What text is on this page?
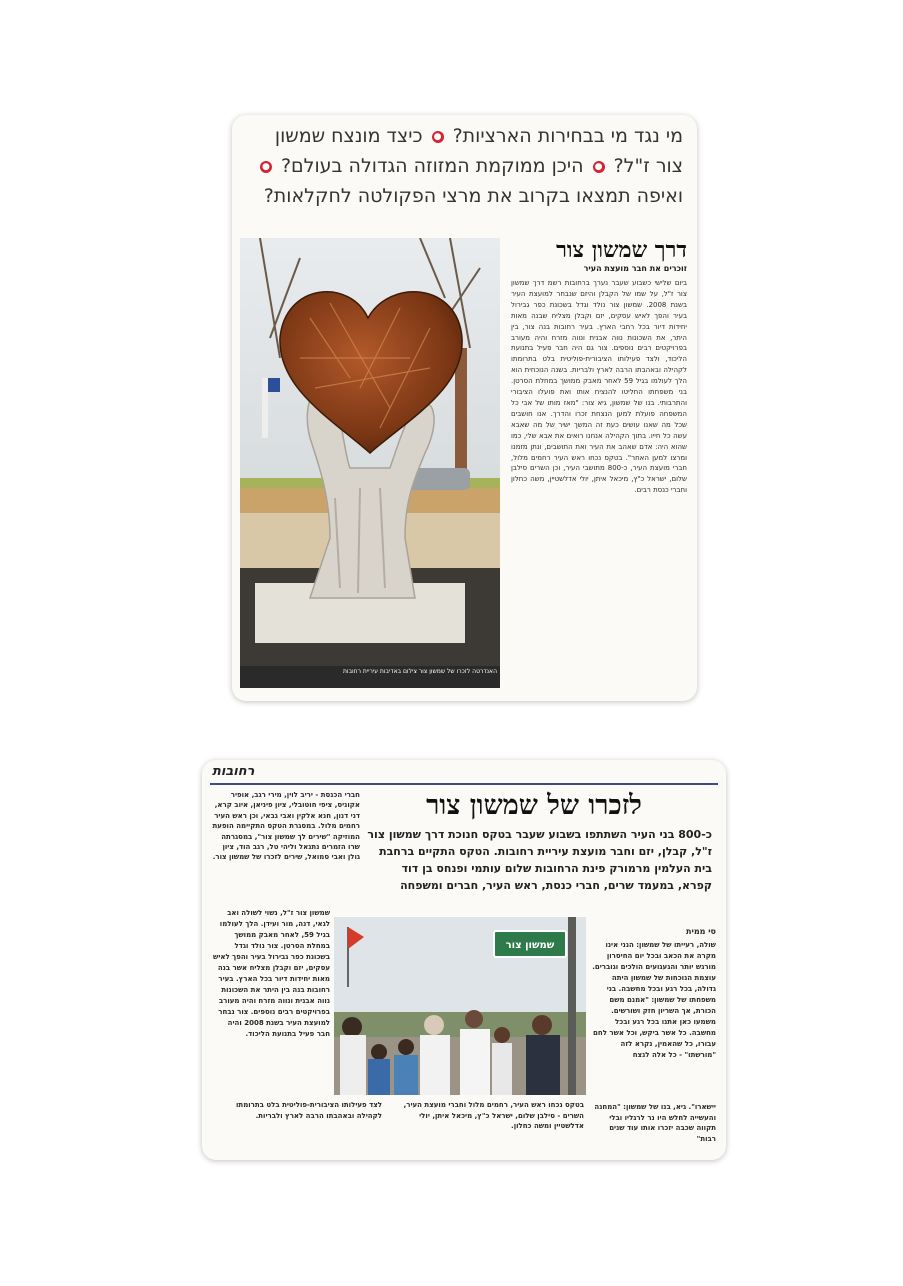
מי נגד מי בבחירות הארציות? ● כיצד מונצח שמשון צור ז"ל? ● היכן ממוקמת המזוזה הגדולה בעולם? ● ואיפה תמצאו בקרוב את מרצי הפקולטה לחקלאות?
האנדרטה לזכרו של שמשון צור צילום באדיבות עיריית רחובות
דרך שמשון צור
זוכרים את חבר מועצת העיר
ביום שלישי כשבוע שעבר נערך ברחובות רשמ דרך שמשון צור ז"ל, על שמו של הקבלן והיזם שנבחר למועצת העיר בשנת 2008. שמשון צור נולד וגדל בשכונת כפר גבירול בעיר והפך לאיש עסקים, יזם וקבלן מצליח שבנה מאות יחידות דיור בכל רחבי הארץ. בעיר רחובות בנה צור, בין היתר, את השכונות נווה אבנית ונווה מזרח והיה מעורב בפרויקטים רבים נוספים. צור גם היה חבר פעיל בתנועת הליכוד, ולצד פעילותו הציבורית-פוליטית בלט בתרומתו לקהילה ובאהבתו הרבה לארץ ולבריות. בשנה הנוכחית הוא הלך לעולמו בגיל 59 לאחר מאבק ממושך במחלת הסרטן. בני משפחתו החליטו להנציח אותו ואת פועלו הציבורי והתרבותי. בנו של שמשון, גיא צור: "מאז מותו של אבי כל המשפחה פועלת למען הנצחת זכרו והדרך. אנו חושבים שכל מה שאנו עושים כעת זה המשך ישיר של מה שאבא עשה כל חייו. בתוך הקהילה אנחנו רואים את אבא שלי, כמו שהוא היה: אדם שאהב את העיר ואת התושבים, ונתן מזמנו ומרצו למען האחר". בטקס נכחו ראש העיר רחמים מלול, חברי מועצת העיר, כ-800 מתושבי העיר, וכן השרים סילבן שלום, ישראל כ"ץ, מיכאל איתן, יולי אדלשטיין, משה כחלון וחברי כנסת רבים.
רחובות
חברי הכנסת - יריב לוין, מירי רגב, אופיר אקוניס, ציפי חוטובלי, ציון פיניאן, איוב קרא, דני דנון, חנא אלקין ואבי גבאי, וכן ראש העיר רחמים מלול. במסגרת הטקס התקיימה הופעת המוזיקה "שירים לך שמשון צור", במסגרתה שרו הזמרים נתנאל וליהי טל, רגב הוד, ציון גולן ואבי סמואל, שירים לזכרו של שמשון צור.
לזכרו של שמשון צור
כ-800 בני העיר השתתפו בשבוע שעבר בטקס חנוכת דרך שמשון צור ז"ל, קבלן, יזם וחבר מועצת עיריית רחובות. הטקס התקיים ברחבת בית העלמין מרמורק פינת הרחובות שלום עותמי ופנחס בן דוד קפרא, במעמד שרים, חברי כנסת, ראש העיר, חברים ומשפחה
שמשון צור ז"ל, נשוי לשולה ואב לגאי, דנה, מור ועידן. הלך לעולמו בגיל 59, לאחר מאבק ממושך במחלת הסרטן. צור נולד וגדל בשכונת כפר גבירול בעיר והפך לאיש עסקים, יזם וקבלן מצליח אשר בנה מאות יחידות דיור בכל הארץ. בעיר רחובות בנה בין היתר את השכונות נווה אבנית ונווה מזרח והיה מעורב בפרויקטים רבים נוספים. צור נבחר למועצת העיר בשנת 2008 והיה חבר פעיל בתנועת הליכוד.
שמשון צור
סי ממית
שולה, רעייתו של שמשון: הנני אינו מקרה את הכאב ובכל יום החיסרון מורגש יותר והגעגועים הולכים וגוברים. עוצמת הנוכחות של שמשון היתה גדולה, בכל רגע ובכל מחשבה. בני משפחתו של שמשון: "אמנם משם הכורת, אך השריון חזק ושורשים. משמעו כאן אתנו בכל רגע ובכל מחשבה. כל אשר ביקש, וכל אשר לחם עבורו, כל שהאמין, נקרא לזה "מורשתו" - כל אלה לנצח
לצד פעילותו הציבורית-פוליטית בלט בתרומתו לקהילה ובאהבתו הרבה לארץ ולבריות.
בטקס נכחו ראש העיר, רחמים מלול וחברי מועצת העיר, השרים - סילבן שלום, ישראל כ"ץ, מיכאל איתן, יולי אדלשטיין ומשה כחלון.
יישארו". גיא, בנו של שמשון: "המחנה והעשייה לחלש היו נר לרגליו ובלי תקווה שכבה יזכרו אותו עוד שנים רבות"
